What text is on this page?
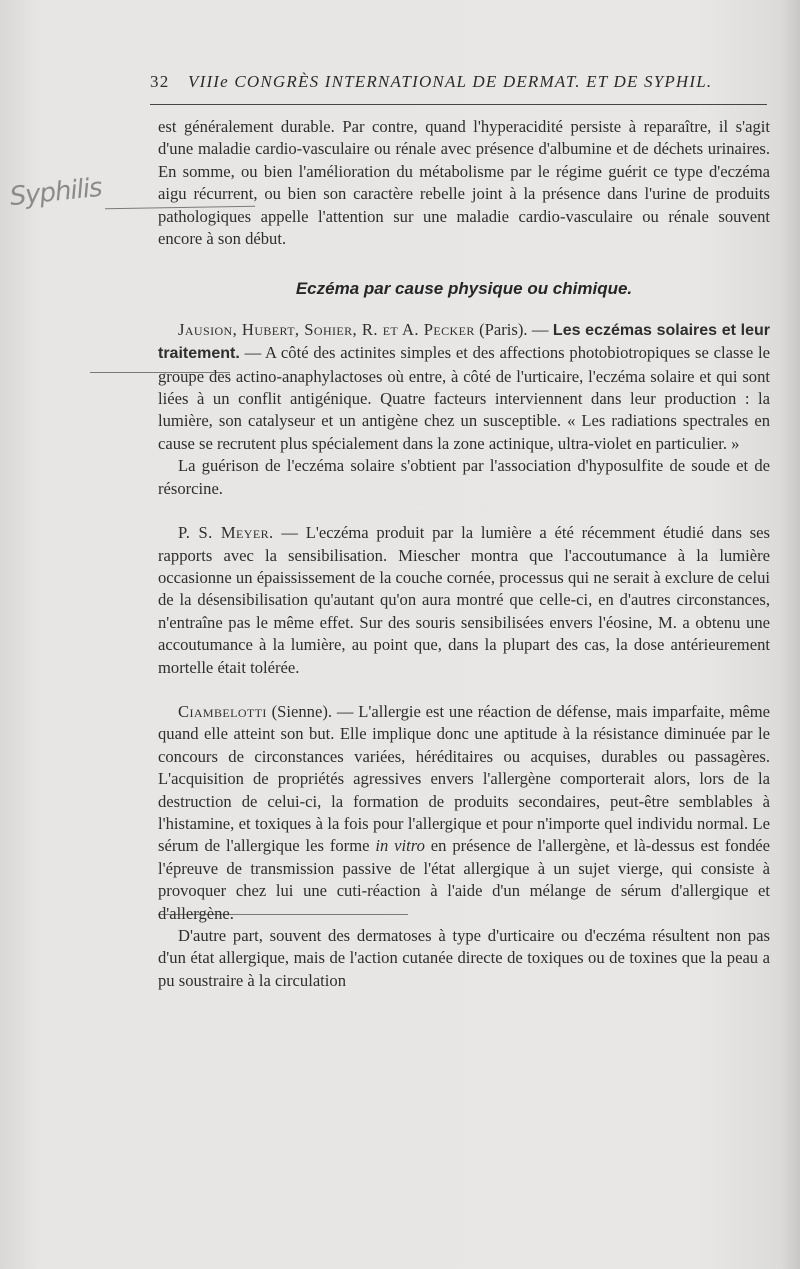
32 VIIIe CONGRÈS INTERNATIONAL DE DERMAT. ET DE SYPHIL.
Syphilis

est généralement durable. Par contre, quand l'hyperacidité persiste à reparaître, il s'agit d'une maladie cardio-vasculaire ou rénale avec présence d'albumine et de déchets urinaires. En somme, ou bien l'amélioration du métabolisme par le régime guérit ce type d'eczéma aigu récurrent, ou bien son caractère rebelle joint à la présence dans l'urine de produits pathologiques appelle l'attention sur une maladie cardio-vasculaire ou rénale souvent encore à son début.

Eczéma par cause physique ou chimique.

Jausion, Hubert, Sohier, R. et A. Pecker (Paris). — Les eczémas solaires et leur traitement. — A côté des actinites simples et des affections photobiotropiques se classe le groupe des actino-anaphylactoses où entre, à côté de l'urticaire, l'eczéma solaire et qui sont liées à un conflit antigénique. Quatre facteurs interviennent dans leur production : la lumière, son catalyseur et un antigène chez un susceptible. « Les radiations spectrales en cause se recrutent plus spécialement dans la zone actinique, ultra-violet en particulier. »

La guérison de l'eczéma solaire s'obtient par l'association d'hyposulfite de soude et de résorcine.

P. S. Meyer. — L'eczéma produit par la lumière a été récemment étudié dans ses rapports avec la sensibilisation. Miescher montra que l'accoutumance à la lumière occasionne un épaississement de la couche cornée, processus qui ne serait à exclure de celui de la désensibilisation qu'autant qu'on aura montré que celle-ci, en d'autres circonstances, n'entraîne pas le même effet. Sur des souris sensibilisées envers l'éosine, M. a obtenu une accoutumance à la lumière, au point que, dans la plupart des cas, la dose antérieurement mortelle était tolérée.

Ciambelotti (Sienne). — L'allergie est une réaction de défense, mais imparfaite, même quand elle atteint son but. Elle implique donc une aptitude à la résistance diminuée par le concours de circonstances variées, héréditaires ou acquises, durables ou passagères. L'acquisition de propriétés agressives envers l'allergène comporterait alors, lors de la destruction de celui-ci, la formation de produits secondaires, peut-être semblables à l'histamine, et toxiques à la fois pour l'allergique et pour n'importe quel individu normal. Le sérum de l'allergique les forme in vitro en présence de l'allergène, et là-dessus est fondée l'épreuve de transmission passive de l'état allergique à un sujet vierge, qui consiste à provoquer chez lui une cuti-réaction à l'aide d'un mélange de sérum d'allergique et d'allergène.

D'autre part, souvent des dermatoses à type d'urticaire ou d'eczéma résultent non pas d'un état allergique, mais de l'action cutanée directe de toxiques ou de toxines que la peau a pu soustraire à la circulation
